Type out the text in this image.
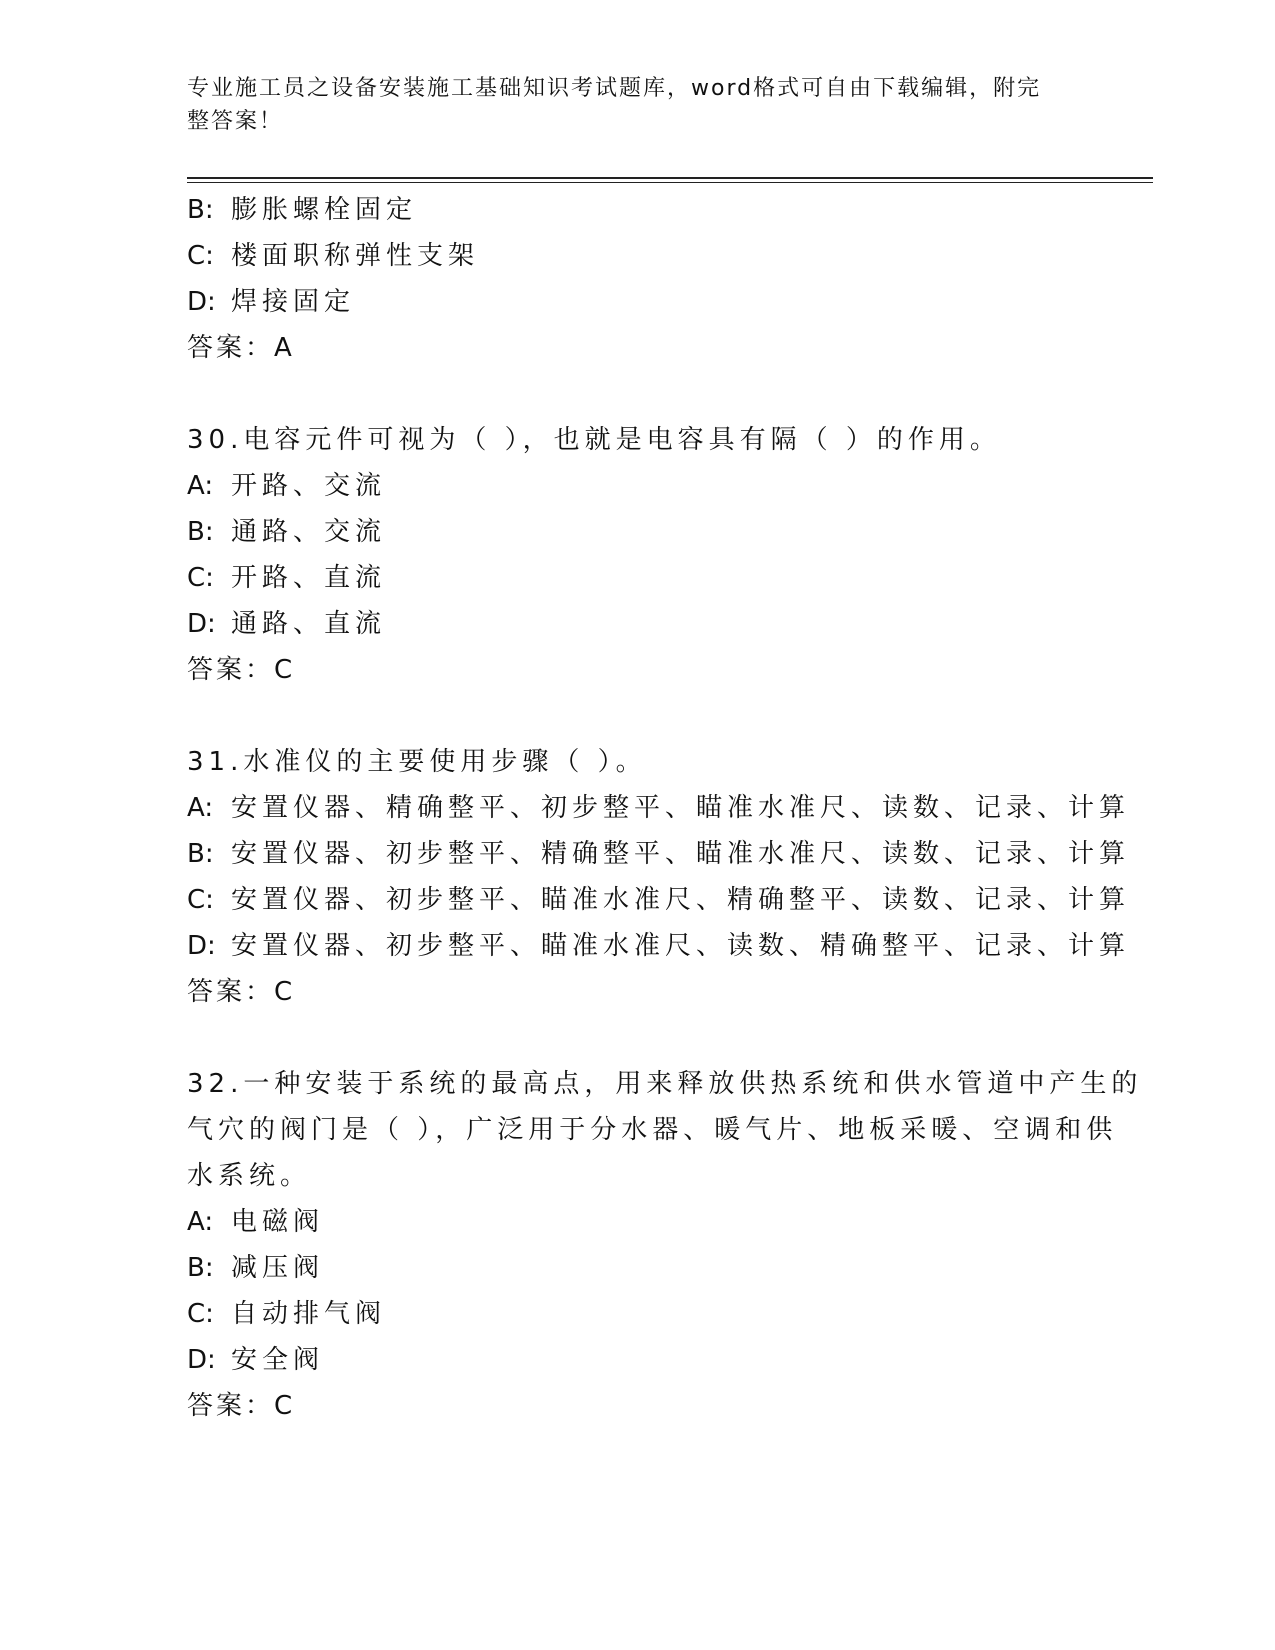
专业施工员之设备安装施工基础知识考试题库，word格式可自由下载编辑，附完
整答案！
B: 膨胀螺栓固定
C: 楼面职称弹性支架
D: 焊接固定
答案：A
30.电容元件可视为（ ），也就是电容具有隔（ ）的作用。
A: 开路、交流
B: 通路、交流
C: 开路、直流
D: 通路、直流
答案：C
31.水准仪的主要使用步骤（ ）。
A: 安置仪器、精确整平、初步整平、瞄准水准尺、读数、记录、计算
B: 安置仪器、初步整平、精确整平、瞄准水准尺、读数、记录、计算
C: 安置仪器、初步整平、瞄准水准尺、精确整平、读数、记录、计算
D: 安置仪器、初步整平、瞄准水准尺、读数、精确整平、记录、计算
答案：C
32.一种安装于系统的最高点，用来释放供热系统和供水管道中产生的
气穴的阀门是（ ），广泛用于分水器、暖气片、地板采暖、空调和供
水系统。
A: 电磁阀
B: 减压阀
C: 自动排气阀
D: 安全阀
答案：C
